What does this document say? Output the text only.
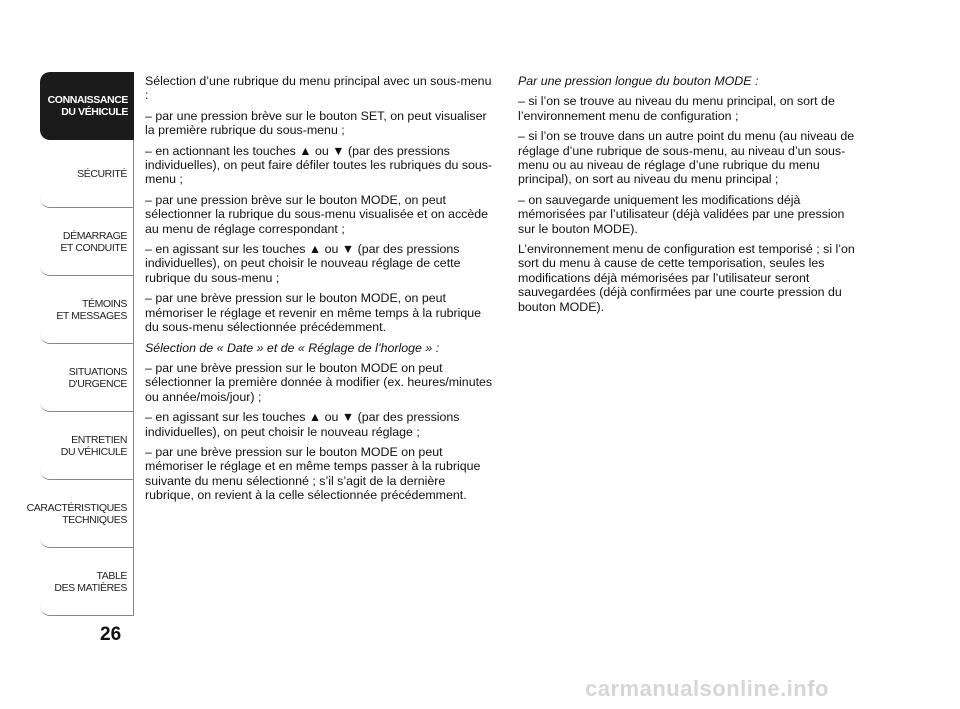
CONNAISSANCE
DU VÉHICULE
SÉCURITÉ
DÉMARRAGE
ET CONDUITE
TÉMOINS
ET MESSAGES
SITUATIONS
D'URGENCE
ENTRETIEN
DU VÉHICULE
CARACTÉRISTIQUES
TECHNIQUES
TABLE
DES MATIÈRES

Sélection d’une rubrique du menu principal avec un sous-menu :

– par une pression brève sur le bouton SET, on peut visualiser la première rubrique du sous-menu ;

– en actionnant les touches ▲ ou ▼ (par des pressions individuelles), on peut faire défiler toutes les rubriques du sous-menu ;

– par une pression brève sur le bouton MODE, on peut sélectionner la rubrique du sous-menu visualisée et on accède au menu de réglage correspondant ;

– en agissant sur les touches ▲ ou ▼ (par des pressions individuelles), on peut choisir le nouveau réglage de cette rubrique du sous-menu ;

– par une brève pression sur le bouton MODE, on peut mémoriser le réglage et revenir en même temps à la rubrique du sous-menu sélectionnée précédemment.

Sélection de « Date » et de « Réglage de l’horloge » :

– par une brève pression sur le bouton MODE on peut sélectionner la première donnée à modifier (ex. heures/minutes ou année/mois/jour) ;

– en agissant sur les touches ▲ ou ▼ (par des pressions individuelles), on peut choisir le nouveau réglage ;

– par une brève pression sur le bouton MODE on peut mémoriser le réglage et en même temps passer à la rubrique suivante du menu sélectionné ; s’il s’agit de la dernière rubrique, on revient à la celle sélectionnée précédemment.

Par une pression longue du bouton MODE :

– si l’on se trouve au niveau du menu principal, on sort de l’environnement menu de configuration ;

– si l’on se trouve dans un autre point du menu (au niveau de réglage d’une rubrique de sous-menu, au niveau d’un sous-menu ou au niveau de réglage d’une rubrique du menu principal), on sort au niveau du menu principal ;

– on sauvegarde uniquement les modifications déjà mémorisées par l’utilisateur (déjà validées par une pression sur le bouton MODE).

L’environnement menu de configuration est temporisé ; si l’on sort du menu à cause de cette temporisation, seules les modifications déjà mémorisées par l’utilisateur seront sauvegardées (déjà confirmées par une courte pression du bouton MODE).

26
carmanualsonline.info
